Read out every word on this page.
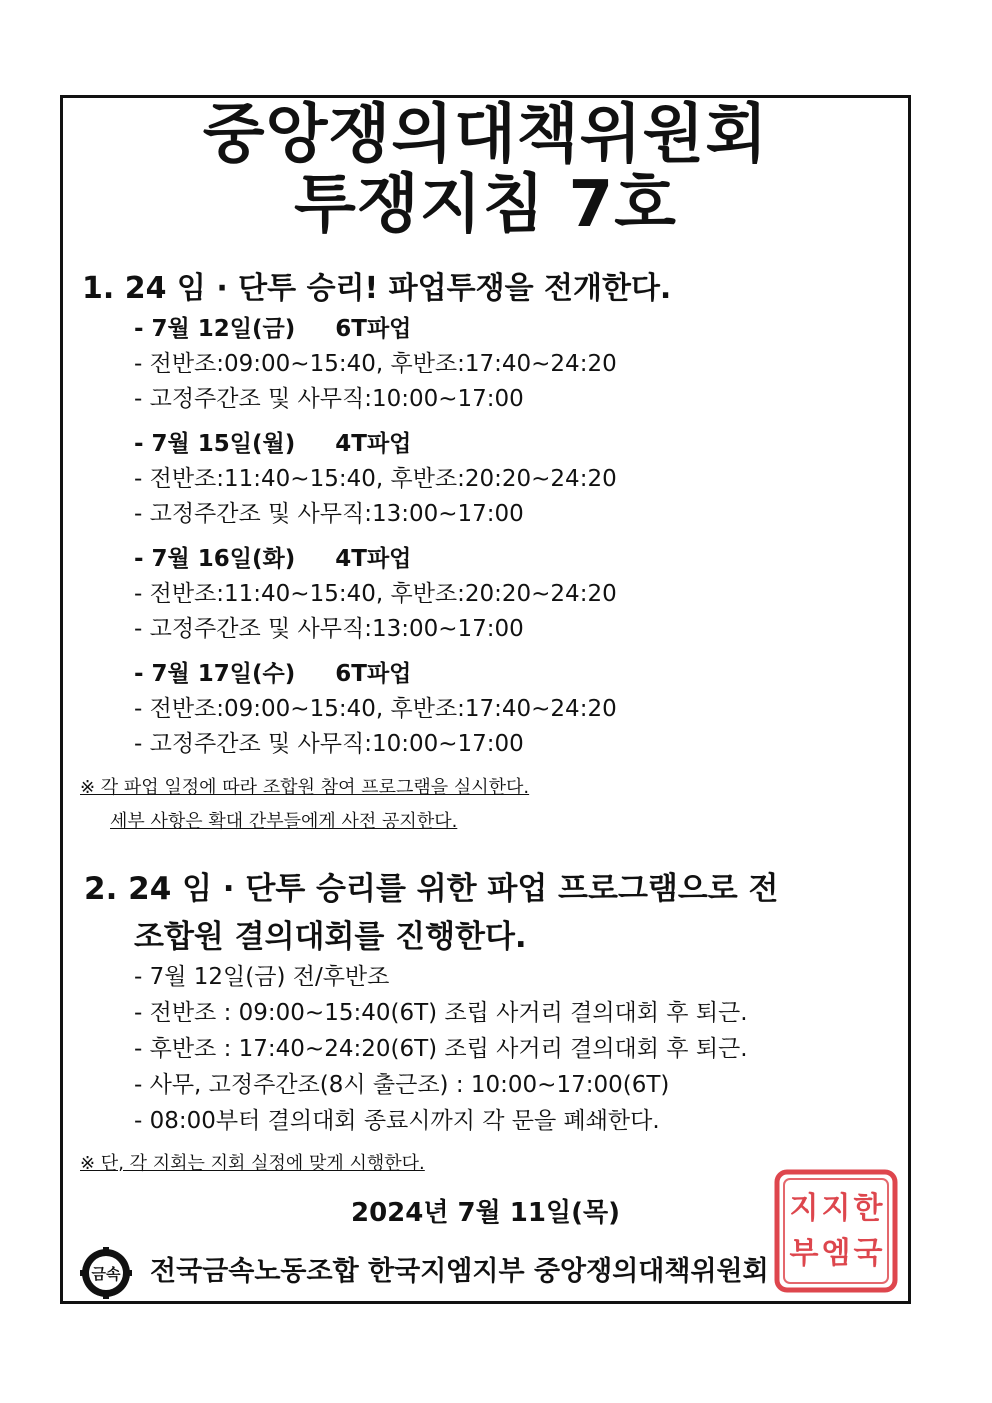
중앙쟁의대책위원회
투쟁지침 7호
1. 24 임 · 단투 승리! 파업투쟁을 전개한다.
- 7월 12일(금) 6T파업
- 전반조:09:00~15:40, 후반조:17:40~24:20
- 고정주간조 및 사무직:10:00~17:00
- 7월 15일(월) 4T파업
- 전반조:11:40~15:40, 후반조:20:20~24:20
- 고정주간조 및 사무직:13:00~17:00
- 7월 16일(화) 4T파업
- 전반조:11:40~15:40, 후반조:20:20~24:20
- 고정주간조 및 사무직:13:00~17:00
- 7월 17일(수) 6T파업
- 전반조:09:00~15:40, 후반조:17:40~24:20
- 고정주간조 및 사무직:10:00~17:00
※ 각 파업 일정에 따라 조합원 참여 프로그램을 실시한다.
세부 사항은 확대 간부들에게 사전 공지한다.
2. 24 임 · 단투 승리를 위한 파업 프로그램으로 전
조합원 결의대회를 진행한다.
- 7월 12일(금) 전/후반조
- 전반조 : 09:00~15:40(6T) 조립 사거리 결의대회 후 퇴근.
- 후반조 : 17:40~24:20(6T) 조립 사거리 결의대회 후 퇴근.
- 사무, 고정주간조(8시 출근조) : 10:00~17:00(6T)
- 08:00부터 결의대회 종료시까지 각 문을 폐쇄한다.
※ 단, 각 지회는 지회 실정에 맞게 시행한다.
2024년 7월 11일(목)
금속 전국금속노동조합 한국지엠지부 중앙쟁의대책위원회
한
국
지
엠
지
부
